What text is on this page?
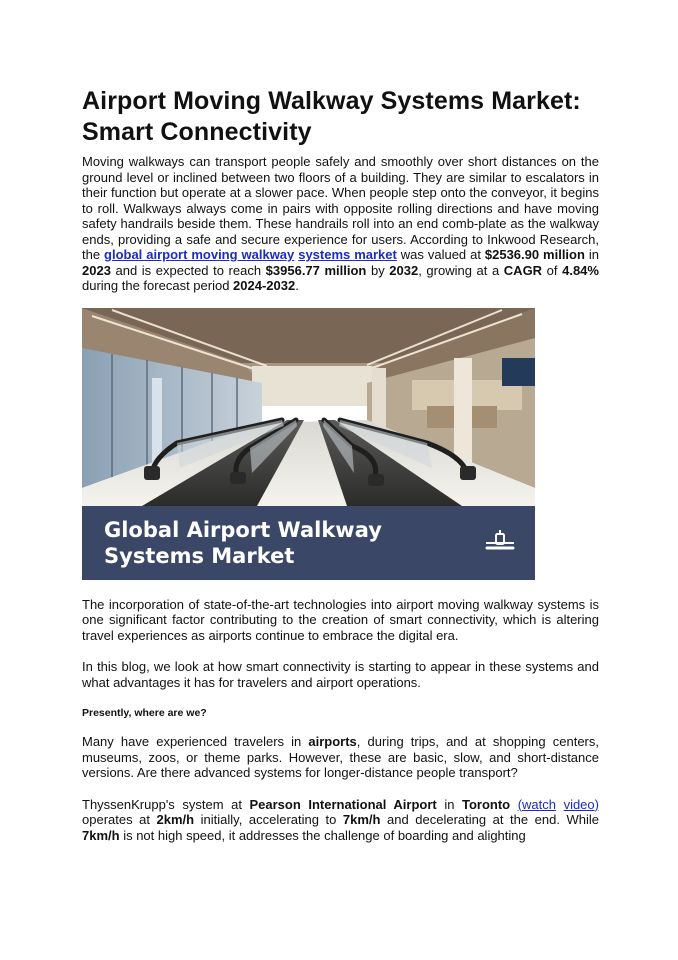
Airport Moving Walkway Systems Market: Smart Connectivity

Moving walkways can transport people safely and smoothly over short distances on the ground level or inclined between two floors of a building. They are similar to escalators in their function but operate at a slower pace. When people step onto the conveyor, it begins to roll. Walkways always come in pairs with opposite rolling directions and have moving safety handrails beside them. These handrails roll into an end comb-plate as the walkway ends, providing a safe and secure experience for users. According to Inkwood Research, the global airport moving walkway systems market was valued at $2536.90 million in 2023 and is expected to reach $3956.77 million by 2032, growing at a CAGR of 4.84% during the forecast period 2024-2032.

Global Airport Walkway
Systems Market

The incorporation of state-of-the-art technologies into airport moving walkway systems is one significant factor contributing to the creation of smart connectivity, which is altering travel experiences as airports continue to embrace the digital era.

In this blog, we look at how smart connectivity is starting to appear in these systems and what advantages it has for travelers and airport operations.

Presently, where are we?

Many have experienced travelers in airports, during trips, and at shopping centers, museums, zoos, or theme parks. However, these are basic, slow, and short-distance versions. Are there advanced systems for longer-distance people transport?

ThyssenKrupp's system at Pearson International Airport in Toronto (watch video) operates at 2km/h initially, accelerating to 7km/h and decelerating at the end. While 7km/h is not high speed, it addresses the challenge of boarding and alighting
